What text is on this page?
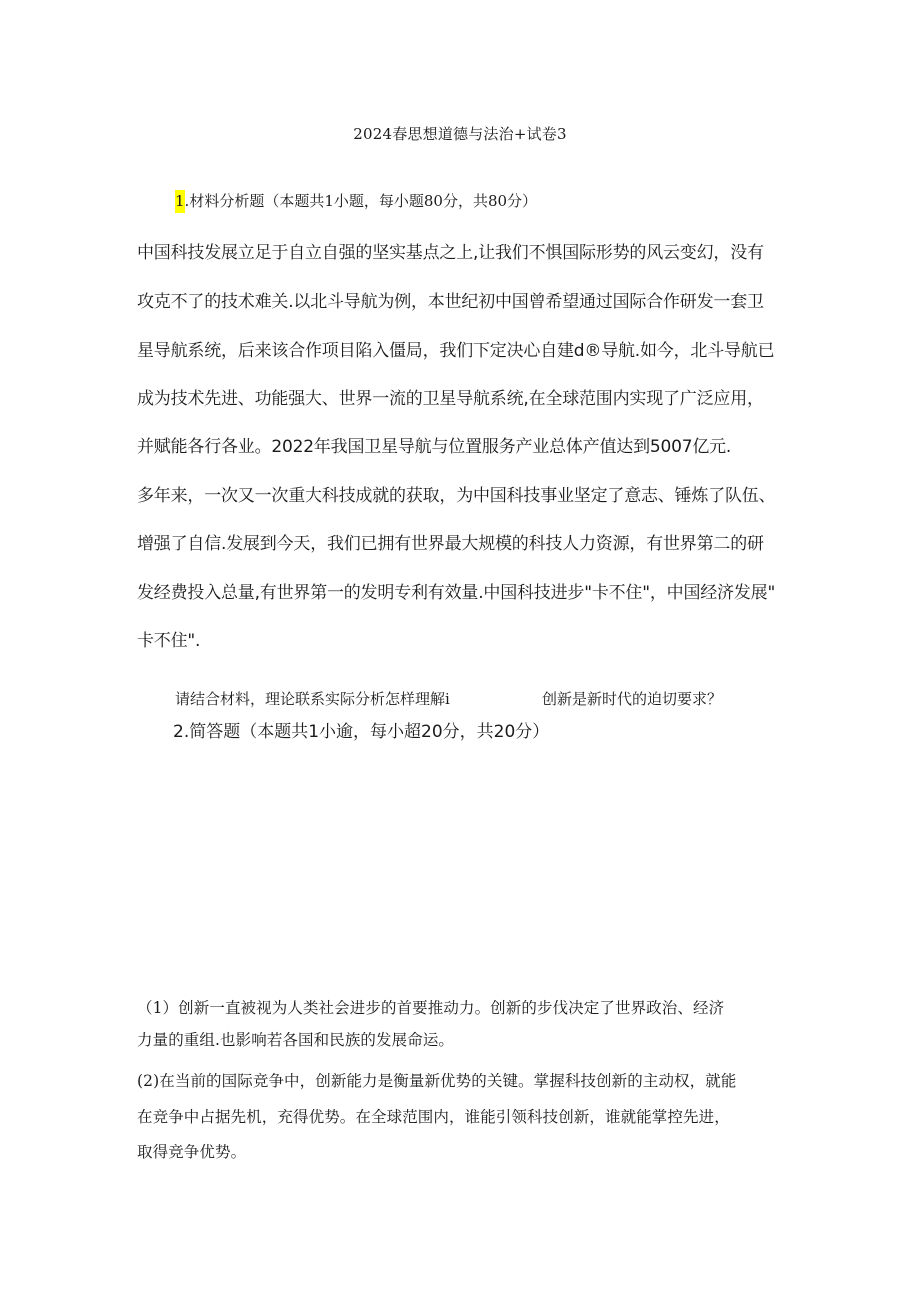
2024春思想道德与法治+试卷3
1.材料分析题（本题共1小题，每小题80分，共80分）
中国科技发展立足于自立自强的坚实基点之上,让我们不惧国际形势的风云变幻，没有
攻克不了的技术难关.以北斗导航为例，本世纪初中国曾希望通过国际合作研发一套卫
星导航系统，后来该合作项目陷入僵局，我们下定决心自建d®导航.如今，北斗导航已
成为技术先进、功能强大、世界一流的卫星导航系统,在全球范围内实现了广泛应用，
并赋能各行各业。2022年我国卫星导航与位置服务产业总体产值达到5007亿元.
多年来，一次又一次重大科技成就的获取，为中国科技事业坚定了意志、锤炼了队伍、
增强了自信.发展到今天，我们已拥有世界最大规模的科技人力资源，有世界第二的研
发经费投入总量,有世界第一的发明专利有效量.中国科技进步"卡不住"，中国经济发展"
卡不住".
请结合材料，理论联系实际分析怎样理解i	创新是新时代的迫切要求？
2.简答题（本题共1小逾，每小超20分，共20分）
（1）创新一直被视为人类社会进步的首要推动力。创新的步伐决定了世界政治、经济
力量的重组.也影响若各国和民族的发展命运。
(2)在当前的国际竞争中，创新能力是衡量新优势的关键。掌握科技创新的主动权，就能
在竞争中占据先机，充得优势。在全球范围内，谁能引领科技创新，谁就能掌控先进，
取得竞争优势。
